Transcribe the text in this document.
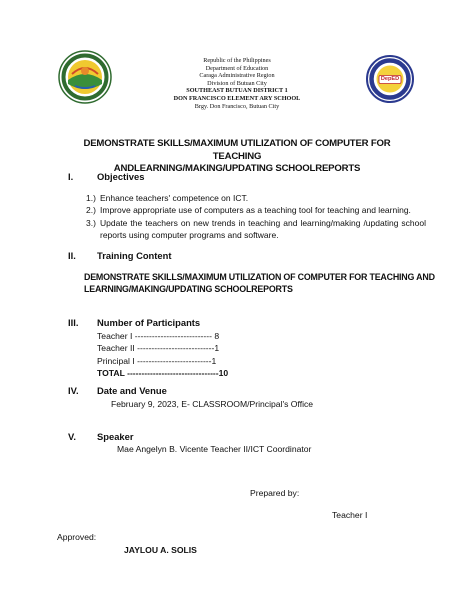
DepED
Republic of the Philippines
Department of Education
Caraga Administrative Region
Division of Butuan City
SOUTHEAST BUTUAN DISTRICT 1
DON FRANCISCO ELEMENT ARY SCHOOL
Brgy. Don Francisco, Butuan City
DEMONSTRATE SKILLS/MAXIMUM UTILIZATION OF COMPUTER FOR TEACHING
ANDLEARNING/MAKING/UPDATING SCHOOLREPORTS
I.	Objectives
1.) Enhance teachers' competence on ICT.
2.) Improve appropriate use of computers as a teaching tool for teaching and learning.
3.) Update the teachers on new trends in teaching and learning/making /updating school reports using computer programs and software.
II. Training Content
DEMONSTRATE SKILLS/MAXIMUM UTILIZATION OF COMPUTER FOR TEACHING AND
LEARNING/MAKING/UPDATING SCHOOLREPORTS
III. Number of Participants
Teacher I --------------------------- 8
Teacher II ---------------------------1
Principal I --------------------------1
TOTAL --------------------------------10
IV. Date and Venue
February 9, 2023, E- CLASSROOM/Principal's Office
V. Speaker
Mae Angelyn B. Vicente Teacher II/ICT Coordinator
Prepared by:
Teacher I
Approved:
JAYLOU A. SOLIS
